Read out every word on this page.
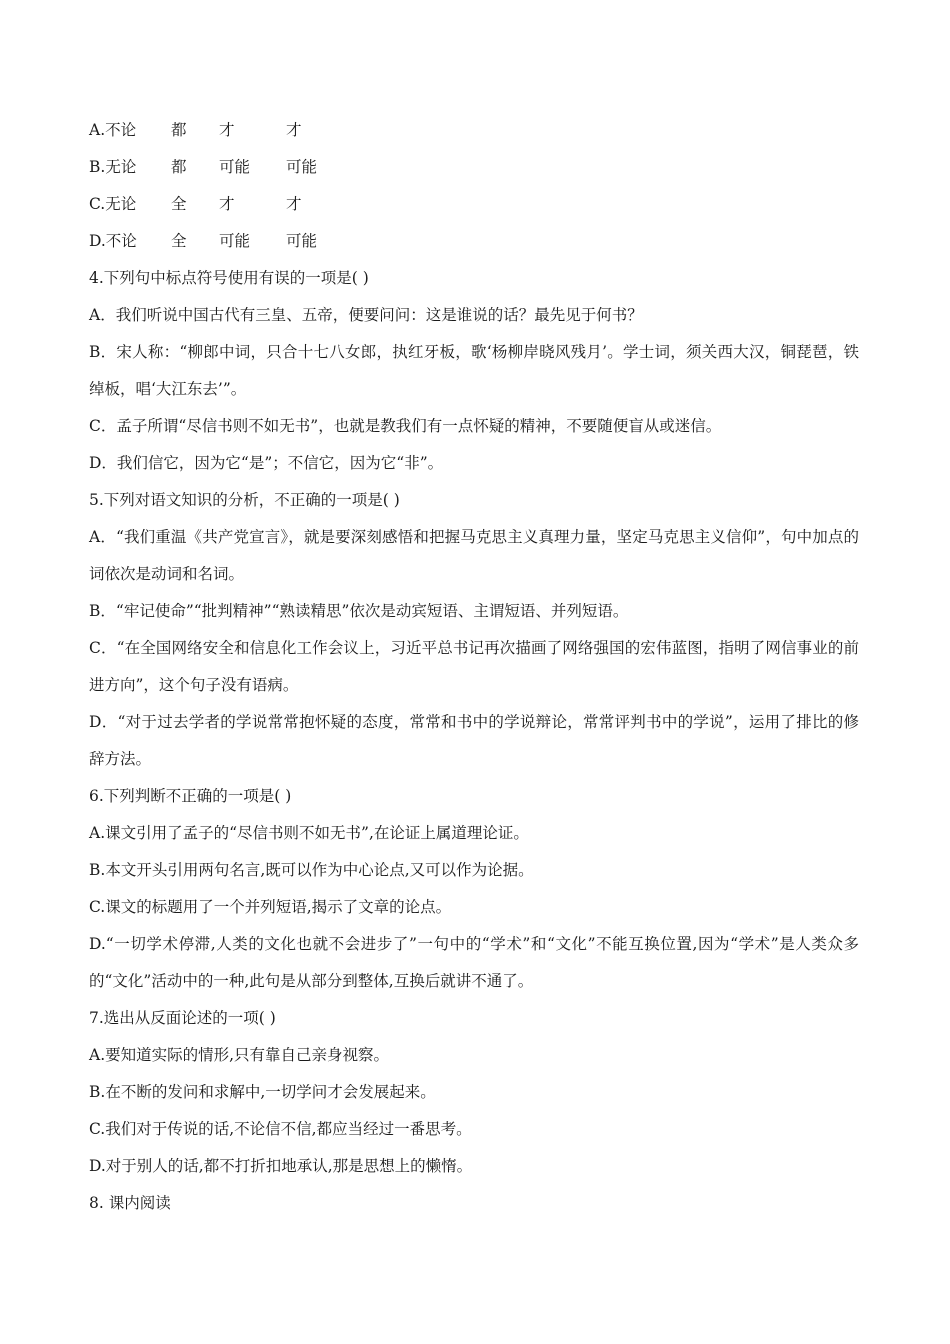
A.不论	都	才	才
B.无论	都	可能	可能
C.无论	全	才	才
D.不论	全	可能	可能
4.下列句中标点符号使用有误的一项是( )
A．我们听说中国古代有三皇、五帝，便要问问：这是谁说的话？最先见于何书？
B．宋人称：“柳郎中词，只合十七八女郎，执红牙板，歌‘杨柳岸晓风残月’。学士词，须关西大汉，铜琵琶，铁绰板，唱‘大江东去’”。
C．孟子所谓“尽信书则不如无书”，也就是教我们有一点怀疑的精神，不要随便盲从或迷信。
D．我们信它，因为它“是”；不信它，因为它“非”。
5.下列对语文知识的分析，不正确的一项是( )
A．“我们重温《共产党宣言》，就是要深刻感悟和把握马克思主义真理力量，坚定马克思主义信仰”，句中加点的词依次是动词和名词。
B．“牢记使命”“批判精神”“熟读精思”依次是动宾短语、主谓短语、并列短语。
C．“在全国网络安全和信息化工作会议上，习近平总书记再次描画了网络强国的宏伟蓝图，指明了网信事业的前进方向”，这个句子没有语病。
D．“对于过去学者的学说常常抱怀疑的态度，常常和书中的学说辩论，常常评判书中的学说”，运用了排比的修辞方法。
6.下列判断不正确的一项是( )
A.课文引用了孟子的“尽信书则不如无书”,在论证上属道理论证。
B.本文开头引用两句名言,既可以作为中心论点,又可以作为论据。
C.课文的标题用了一个并列短语,揭示了文章的论点。
D.“一切学术停滞,人类的文化也就不会进步了”一句中的“学术”和“文化”不能互换位置,因为“学术”是人类众多的“文化”活动中的一种,此句是从部分到整体,互换后就讲不通了。
7.选出从反面论述的一项( )
A.要知道实际的情形,只有靠自己亲身视察。
B.在不断的发问和求解中,一切学问才会发展起来。
C.我们对于传说的话,不论信不信,都应当经过一番思考。
D.对于别人的话,都不打折扣地承认,那是思想上的懒惰。
8. 课内阅读
